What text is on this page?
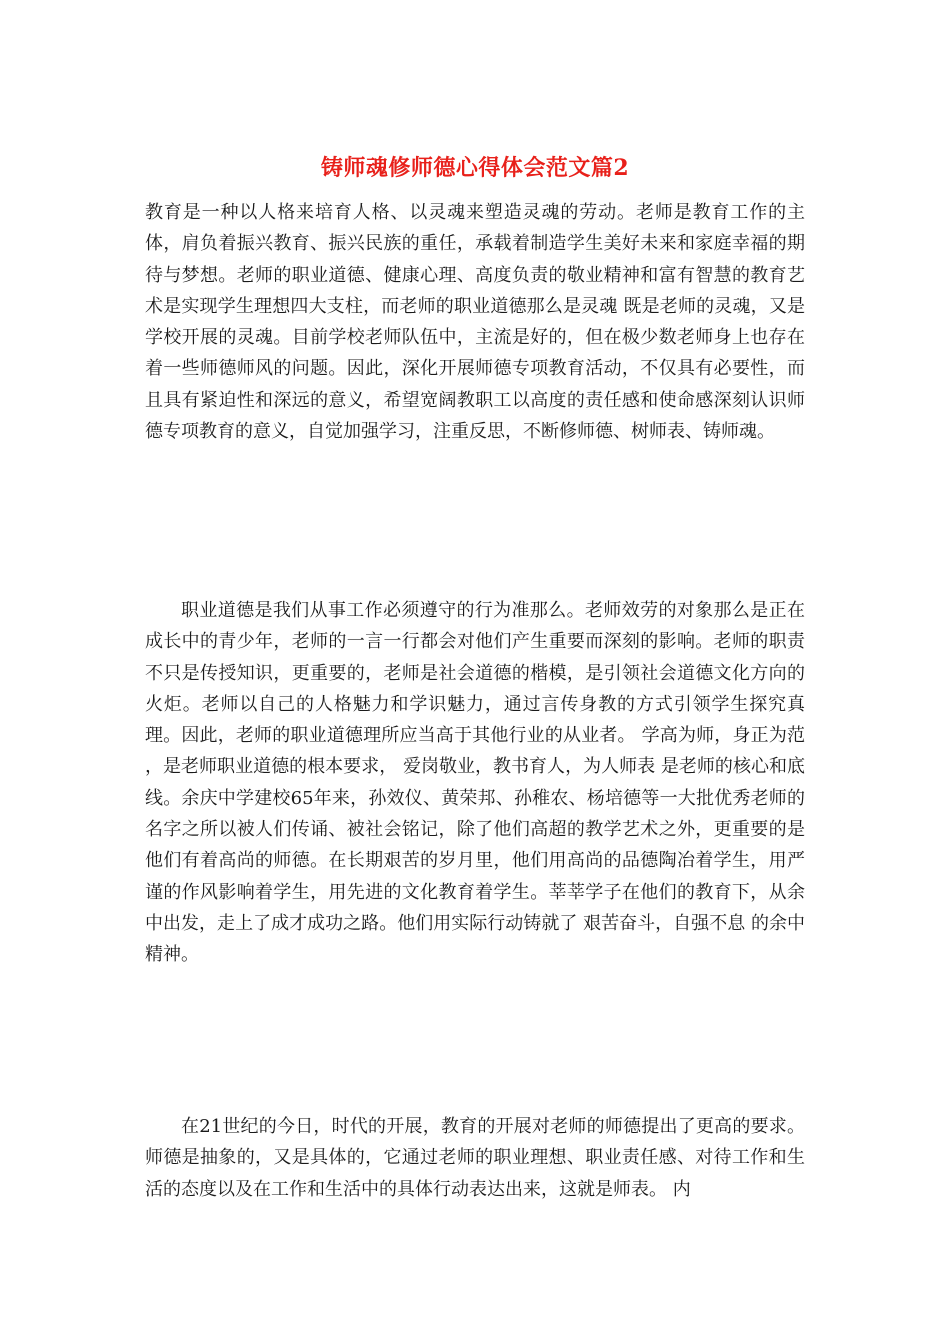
铸师魂修师德心得体会范文篇2

教育是一种以人格来培育人格、以灵魂来塑造灵魂的劳动。老师是教育工作的主体，肩负着振兴教育、振兴民族的重任，承载着制造学生美好未来和家庭幸福的期待与梦想。老师的职业道德、健康心理、高度负责的敬业精神和富有智慧的教育艺术是实现学生理想四大支柱，而老师的职业道德那么是灵魂 既是老师的灵魂，又是学校开展的灵魂。目前学校老师队伍中，主流是好的，但在极少数老师身上也存在着一些师德师风的问题。因此，深化开展师德专项教育活动，不仅具有必要性，而且具有紧迫性和深远的意义，希望宽阔教职工以高度的责任感和使命感深刻认识师德专项教育的意义，自觉加强学习，注重反思，不断修师德、树师表、铸师魂。

职业道德是我们从事工作必须遵守的行为准那么。老师效劳的对象那么是正在成长中的青少年，老师的一言一行都会对他们产生重要而深刻的影响。老师的职责不只是传授知识，更重要的，老师是社会道德的楷模，是引领社会道德文化方向的火炬。老师以自己的人格魅力和学识魅力，通过言传身教的方式引领学生探究真理。因此，老师的职业道德理所应当高于其他行业的从业者。 学高为师，身正为范 ，是老师职业道德的根本要求， 爱岗敬业，教书育人，为人师表 是老师的核心和底线。余庆中学建校65年来，孙效仪、黄荣邦、孙稚农、杨培德等一大批优秀老师的名字之所以被人们传诵、被社会铭记，除了他们高超的教学艺术之外，更重要的是他们有着高尚的师德。在长期艰苦的岁月里，他们用高尚的品德陶冶着学生，用严谨的作风影响着学生，用先进的文化教育着学生。莘莘学子在他们的教育下，从余中出发，走上了成才成功之路。他们用实际行动铸就了 艰苦奋斗，自强不息 的余中精神。

在21世纪的今日，时代的开展，教育的开展对老师的师德提出了更高的要求。师德是抽象的，又是具体的，它通过老师的职业理想、职业责任感、对待工作和生活的态度以及在工作和生活中的具体行动表达出来，这就是师表。 内
